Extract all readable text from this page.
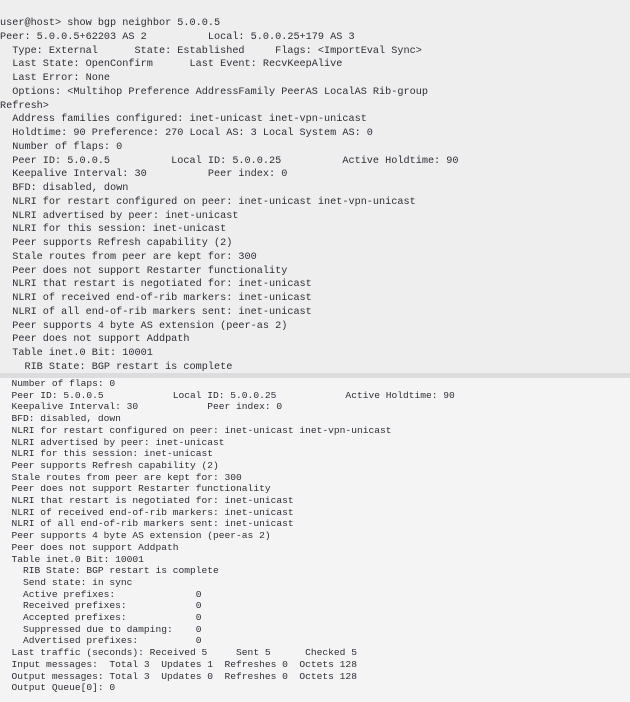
user@host> show bgp neighbor 5.0.0.5
Peer: 5.0.0.5+62203 AS 2          Local: 5.0.0.25+179 AS 3
Type: External      State: Established     Flags: <ImportEval Sync>
Last State: OpenConfirm      Last Event: RecvKeepAlive
Last Error: None
Options: <Multihop Preference AddressFamily PeerAS LocalAS Rib-group
Refresh>
Address families configured: inet-unicast inet-vpn-unicast
Holdtime: 90 Preference: 270 Local AS: 3 Local System AS: 0
Number of flaps: 0
Peer ID: 5.0.0.5          Local ID: 5.0.0.25          Active Holdtime: 90
Keepalive Interval: 30          Peer index: 0
BFD: disabled, down
NLRI for restart configured on peer: inet-unicast inet-vpn-unicast
NLRI advertised by peer: inet-unicast
NLRI for this session: inet-unicast
Peer supports Refresh capability (2)
Stale routes from peer are kept for: 300
Peer does not support Restarter functionality
NLRI that restart is negotiated for: inet-unicast
NLRI of received end-of-rib markers: inet-unicast
NLRI of all end-of-rib markers sent: inet-unicast
Peer supports 4 byte AS extension (peer-as 2)
Peer does not support Addpath
Table inet.0 Bit: 10001
RIB State: BGP restart is complete
Number of flaps: 0
Peer ID: 5.0.0.5            Local ID: 5.0.0.25            Active Holdtime: 90
Keepalive Interval: 30            Peer index: 0
BFD: disabled, down
NLRI for restart configured on peer: inet-unicast inet-vpn-unicast
NLRI advertised by peer: inet-unicast
NLRI for this session: inet-unicast
Peer supports Refresh capability (2)
Stale routes from peer are kept for: 300
Peer does not support Restarter functionality
NLRI that restart is negotiated for: inet-unicast
NLRI of received end-of-rib markers: inet-unicast
NLRI of all end-of-rib markers sent: inet-unicast
Peer supports 4 byte AS extension (peer-as 2)
Peer does not support Addpath
Table inet.0 Bit: 10001
RIB State: BGP restart is complete
Send state: in sync
Active prefixes:              0
Received prefixes:            0
Accepted prefixes:            0
Suppressed due to damping:    0
Advertised prefixes:          0
Last traffic (seconds): Received 5     Sent 5      Checked 5
Input messages:  Total 3  Updates 1  Refreshes 0  Octets 128
Output messages: Total 3  Updates 0  Refreshes 0  Octets 128
Output Queue[0]: 0
